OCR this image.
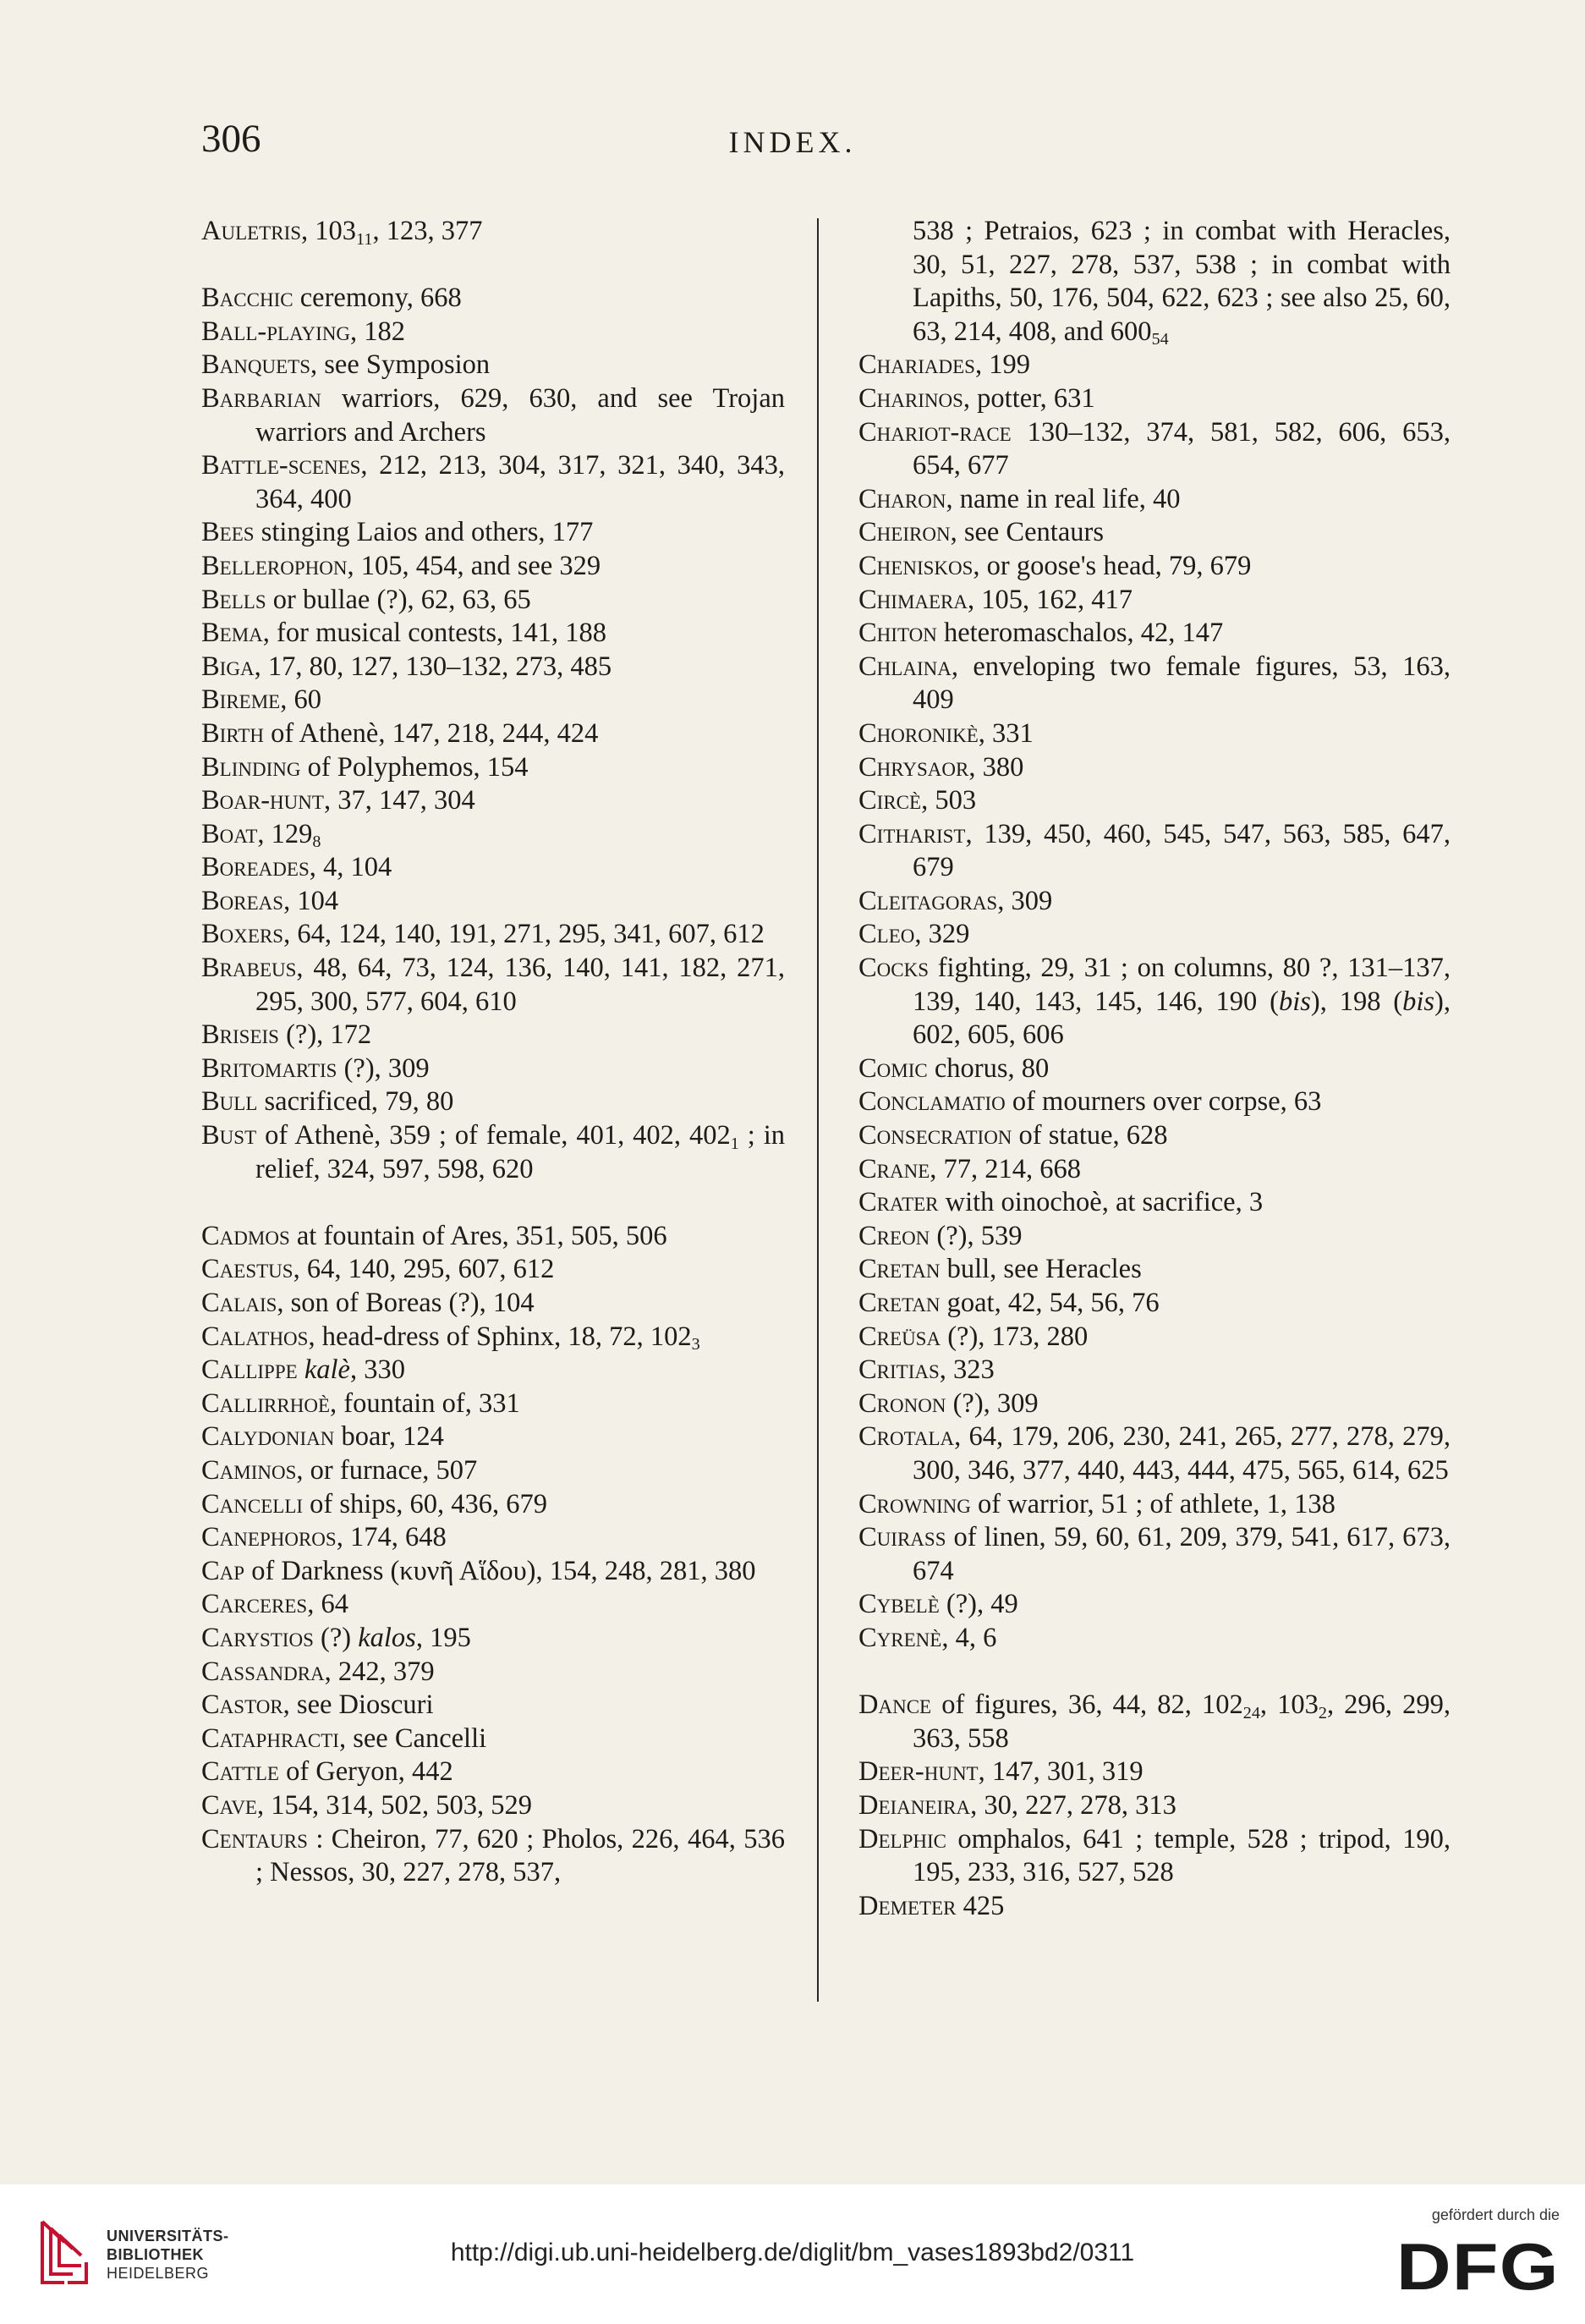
306	INDEX.
Auletris, 10311, 123, 377
Bacchic ceremony, 668
Ball-playing, 182
Banquets, see Symposion
Barbarian warriors, 629, 630, and see Trojan warriors and Archers
Battle-scenes, 212, 213, 304, 317, 321, 340, 343, 364, 400
Bees stinging Laios and others, 177
Bellerophon, 105, 454, and see 329
Bells or bullae (?), 62, 63, 65
Bema, for musical contests, 141, 188
Biga, 17, 80, 127, 130–132, 273, 485
Bireme, 60
Birth of Athenè, 147, 218, 244, 424
Blinding of Polyphemos, 154
Boar-hunt, 37, 147, 304
Boat, 1298
Boreades, 4, 104
Boreas, 104
Boxers, 64, 124, 140, 191, 271, 295, 341, 607, 612
Brabeus, 48, 64, 73, 124, 136, 140, 141, 182, 271, 295, 300, 577, 604, 610
Briseis (?), 172
Britomartis (?), 309
Bull sacrificed, 79, 80
Bust of Athenè, 359 ; of female, 401, 402, 4021 ; in relief, 324, 597, 598, 620
Cadmos at fountain of Ares, 351, 505, 506
Caestus, 64, 140, 295, 607, 612
Calais, son of Boreas (?), 104
Calathos, head-dress of Sphinx, 18, 72, 1023
Callippe kalè, 330
Callirrhoè, fountain of, 331
Calydonian boar, 124
Caminos, or furnace, 507
Cancelli of ships, 60, 436, 679
Canephoros, 174, 648
Cap of Darkness (κυνῆ Αἵδου), 154, 248, 281, 380
Carceres, 64
Carystios (?) kalos, 195
Cassandra, 242, 379
Castor, see Dioscuri
Cataphracti, see Cancelli
Cattle of Geryon, 442
Cave, 154, 314, 502, 503, 529
Centaurs : Cheiron, 77, 620 ; Pholos, 226, 464, 536 ; Nessos, 30, 227, 278, 537,
538 ; Petraios, 623 ; in combat with Heracles, 30, 51, 227, 278, 537, 538 ; in combat with Lapiths, 50, 176, 504, 622, 623 ; see also 25, 60, 63, 214, 408, and 60054
Chariades, 199
Charinos, potter, 631
Chariot-race 130–132, 374, 581, 582, 606, 653, 654, 677
Charon, name in real life, 40
Cheiron, see Centaurs
Cheniskos, or goose's head, 79, 679
Chimaera, 105, 162, 417
Chiton heteromaschalos, 42, 147
Chlaina, enveloping two female figures, 53, 163, 409
Choronikè, 331
Chrysaor, 380
Circè, 503
Citharist, 139, 450, 460, 545, 547, 563, 585, 647, 679
Cleitagoras, 309
Cleo, 329
Cocks fighting, 29, 31 ; on columns, 80 ?, 131–137, 139, 140, 143, 145, 146, 190 (bis), 198 (bis), 602, 605, 606
Comic chorus, 80
Conclamatio of mourners over corpse, 63
Consecration of statue, 628
Crane, 77, 214, 668
Crater with oinochoè, at sacrifice, 3
Creon (?), 539
Cretan bull, see Heracles
Cretan goat, 42, 54, 56, 76
Creüsa (?), 173, 280
Critias, 323
Cronon (?), 309
Crotala, 64, 179, 206, 230, 241, 265, 277, 278, 279, 300, 346, 377, 440, 443, 444, 475, 565, 614, 625
Crowning of warrior, 51 ; of athlete, 1, 138
Cuirass of linen, 59, 60, 61, 209, 379, 541, 617, 673, 674
Cybelè (?), 49
Cyrenè, 4, 6
Dance of figures, 36, 44, 82, 10224, 1032, 296, 299, 363, 558
Deer-hunt, 147, 301, 319
Deianeira, 30, 227, 278, 313
Delphic omphalos, 641 ; temple, 528 ; tripod, 190, 195, 233, 316, 527, 528
Demeter 425
UNIVERSITÄTS-
BIBLIOTHEK
HEIDELBERG
http://digi.ub.uni-heidelberg.de/diglit/bm_vases1893bd2/0311
gefördert durch die
DFG
